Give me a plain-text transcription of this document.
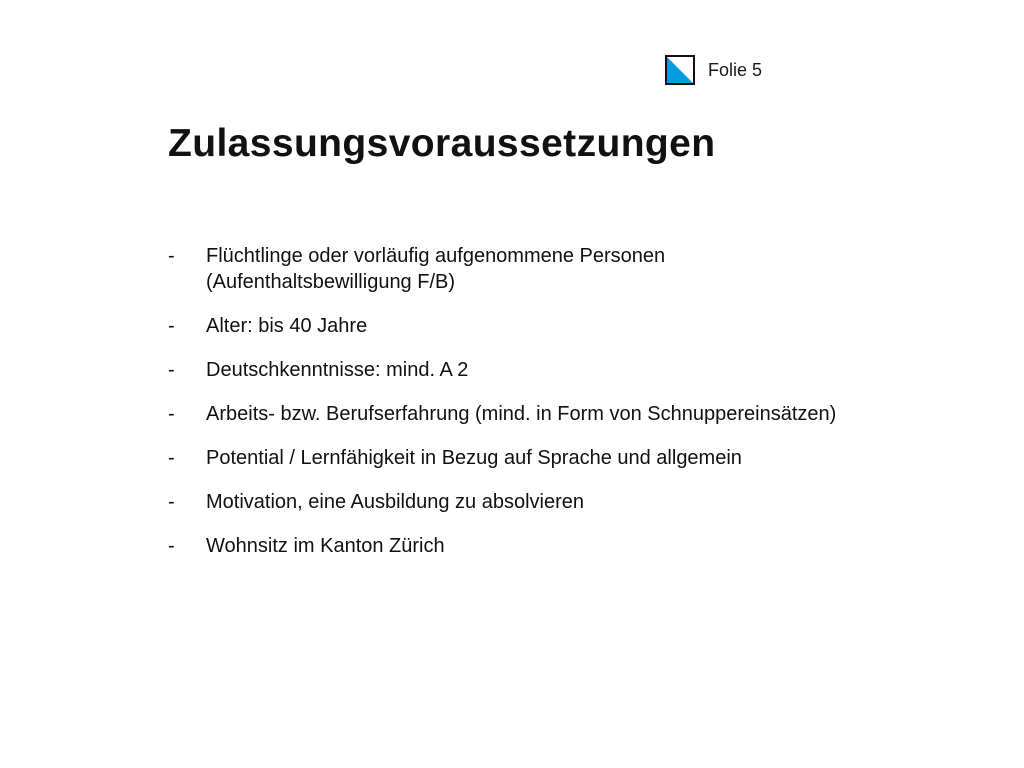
Folie 5
Zulassungsvoraussetzungen
-	Flüchtlinge oder vorläufig aufgenommene Personen
(Aufenthaltsbewilligung F/B)
-	Alter: bis 40 Jahre
-	Deutschkenntnisse: mind. A 2
-	Arbeits- bzw. Berufserfahrung (mind. in Form von Schnuppereinsätzen)
-	Potential / Lernfähigkeit in Bezug auf Sprache und allgemein
-	Motivation, eine Ausbildung zu absolvieren
-	Wohnsitz im Kanton Zürich
